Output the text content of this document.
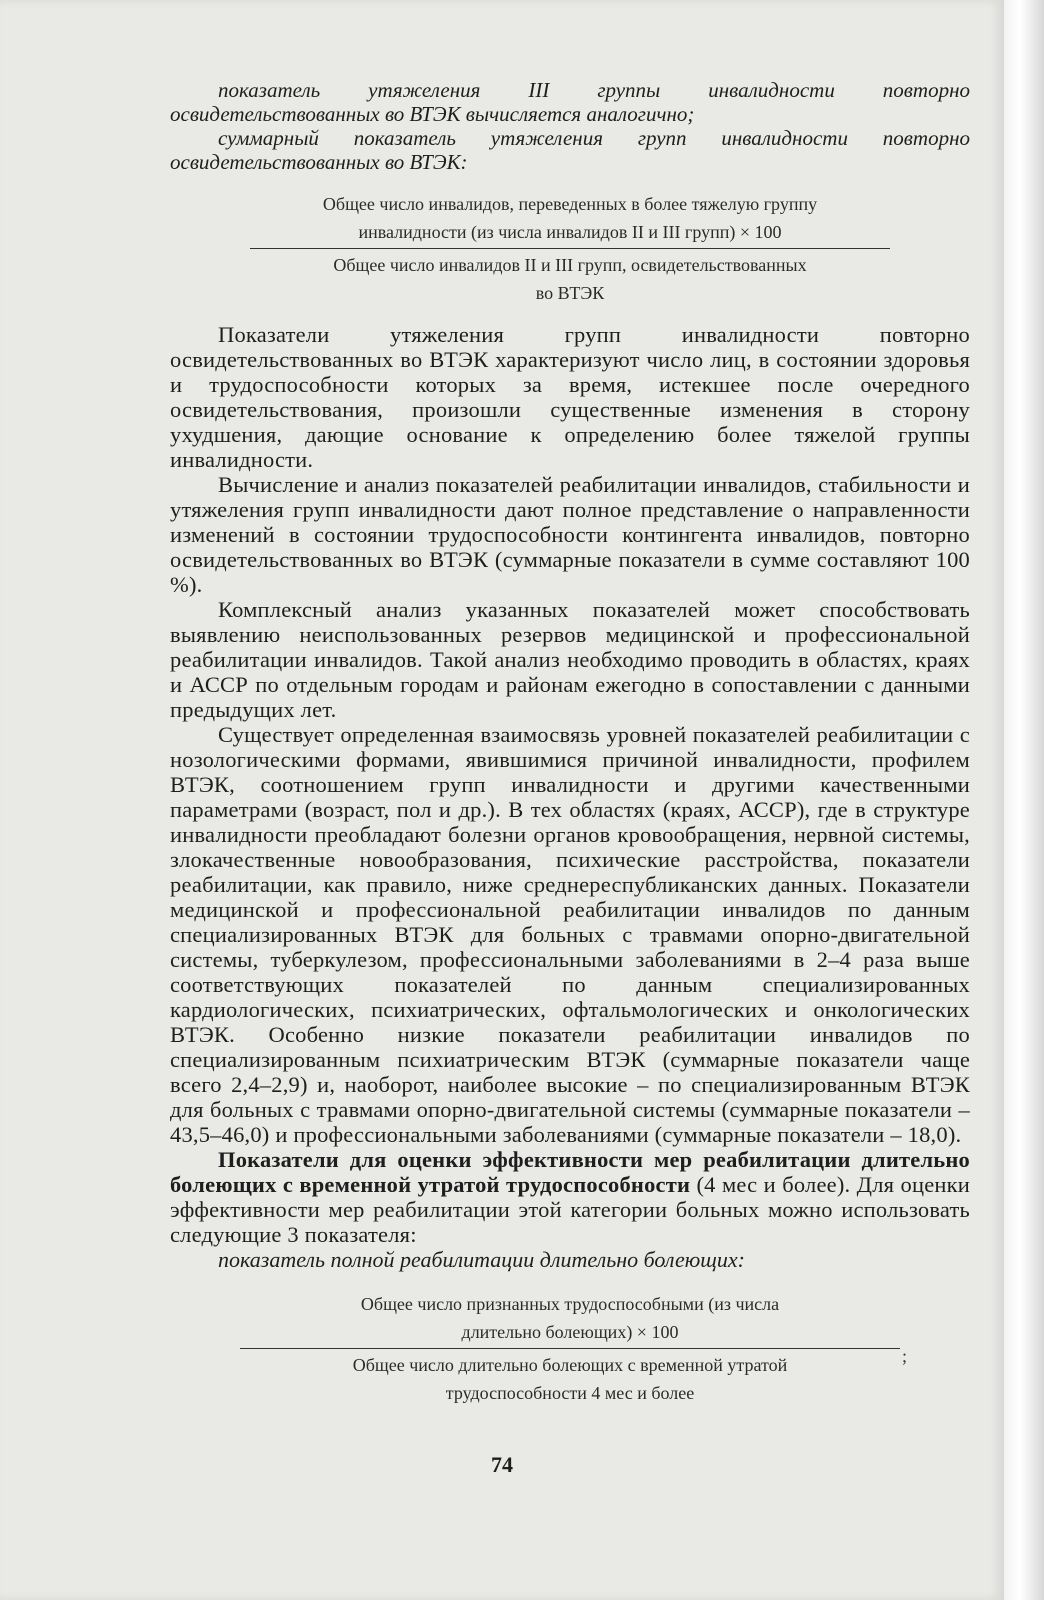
показатель утяжеления III группы инвалидности повторно освидетельствованных во ВТЭК вычисляется аналогично;

суммарный показатель утяжеления групп инвалидности повторно освидетельствованных во ВТЭК:

Общее число инвалидов, переведенных в более тяжелую группу
инвалидности (из числа инвалидов II и III групп) × 100
Общее число инвалидов II и III групп, освидетельствованных
во ВТЭК

Показатели утяжеления групп инвалидности повторно освидетельствованных во ВТЭК характеризуют число лиц, в состоянии здоровья и трудоспособности которых за время, истекшее после очередного освидетельствования, произошли существенные изменения в сторону ухудшения, дающие основание к определению более тяжелой группы инвалидности.

Вычисление и анализ показателей реабилитации инвалидов, стабильности и утяжеления групп инвалидности дают полное представление о направленности изменений в состоянии трудоспособности контингента инвалидов, повторно освидетельствованных во ВТЭК (суммарные показатели в сумме составляют 100 %).

Комплексный анализ указанных показателей может способствовать выявлению неиспользованных резервов медицинской и профессиональной реабилитации инвалидов. Такой анализ необходимо проводить в областях, краях и АССР по отдельным городам и районам ежегодно в сопоставлении с данными предыдущих лет.

Существует определенная взаимосвязь уровней показателей реабилитации с нозологическими формами, явившимися причиной инвалидности, профилем ВТЭК, соотношением групп инвалидности и другими качественными параметрами (возраст, пол и др.). В тех областях (краях, АССР), где в структуре инвалидности преобладают болезни органов кровообращения, нервной системы, злокачественные новообразования, психические расстройства, показатели реабилитации, как правило, ниже среднереспубликанских данных. Показатели медицинской и профессиональной реабилитации инвалидов по данным специализированных ВТЭК для больных с травмами опорно-двигательной системы, туберкулезом, профессиональными заболеваниями в 2–4 раза выше соответствующих показателей по данным специализированных кардиологических, психиатрических, офтальмологических и онкологических ВТЭК. Особенно низкие показатели реабилитации инвалидов по специализированным психиатрическим ВТЭК (суммарные показатели чаще всего 2,4–2,9) и, наоборот, наиболее высокие – по специализированным ВТЭК для больных с травмами опорно-двигательной системы (суммарные показатели – 43,5–46,0) и профессиональными заболеваниями (суммарные показатели – 18,0).

Показатели для оценки эффективности мер реабилитации длительно болеющих с временной утратой трудоспособности (4 мес и более). Для оценки эффективности мер реабилитации этой категории больных можно использовать следующие 3 показателя:

показатель полной реабилитации длительно болеющих:

Общее число признанных трудоспособными (из числа
длительно болеющих) × 100
Общее число длительно болеющих с временной утратой
трудоспособности 4 мес и более
;
74
